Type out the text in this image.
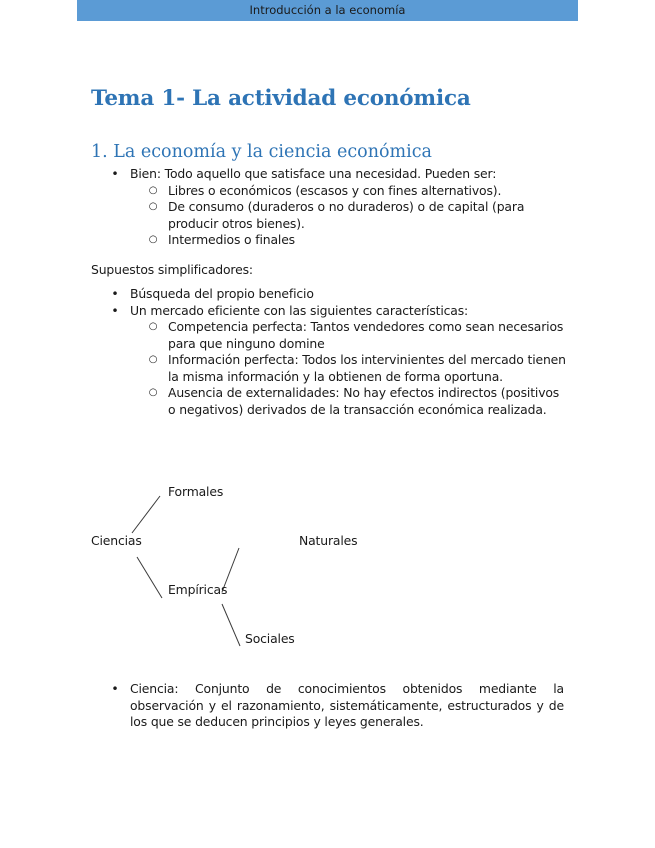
Introducción a la economía
Tema 1- La actividad económica
1. La economía y la ciencia económica
• Bien: Todo aquello que satisface una necesidad. Pueden ser:
○ Libres o económicos (escasos y con fines alternativos).
○ De consumo (duraderos o no duraderos) o de capital (para producir otros bienes).
○ Intermedios o finales
Supuestos simplificadores:
• Búsqueda del propio beneficio
• Un mercado eficiente con las siguientes características:
○ Competencia perfecta: Tantos vendedores como sean necesarios para que ninguno domine
○ Información perfecta: Todos los intervinientes del mercado tienen la misma información y la obtienen de forma oportuna.
○ Ausencia de externalidades: No hay efectos indirectos (positivos o negativos) derivados de la transacción económica realizada.
Formales
Ciencias	Naturales
Empíricas
Sociales
• Ciencia: Conjunto de conocimientos obtenidos mediante la observación y el razonamiento, sistemáticamente, estructurados y de los que se deducen principios y leyes generales.
